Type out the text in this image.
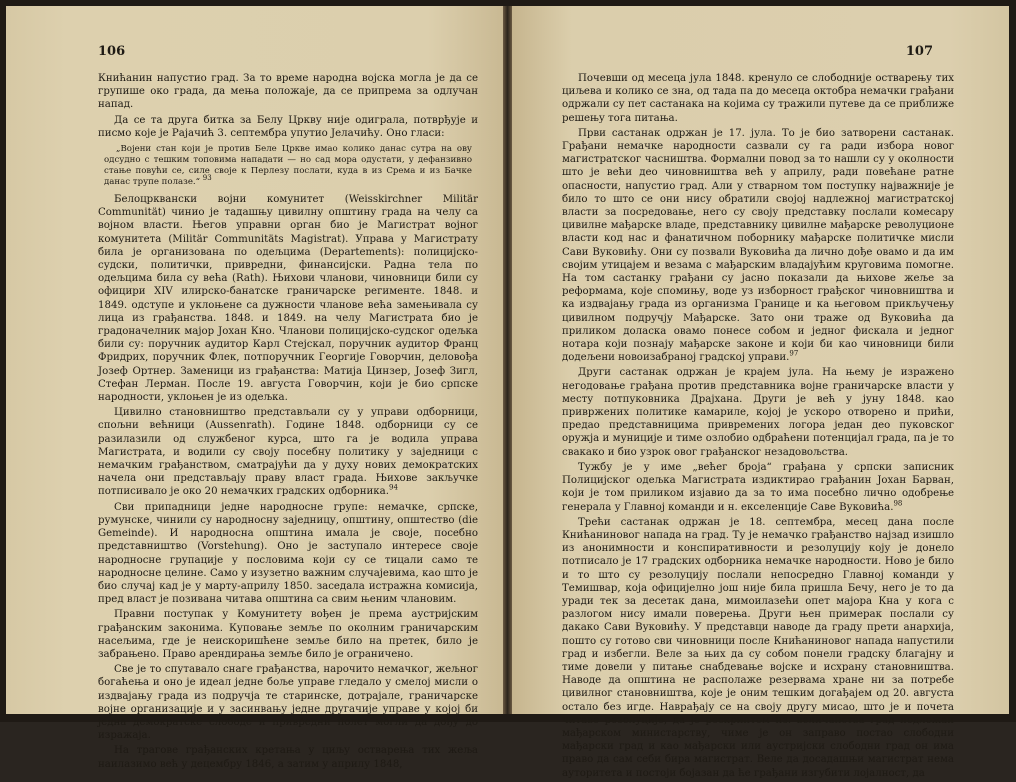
106

Книћанин напустио град. За то време народна војска могла је да се групише око града, да мења положаје, да се припрема за одлучан напад.

Да се та друга битка за Белу Цркву није одиграла, потврђује и писмо које је Рајачић 3. септембра упутио Јелачићу. Оно гласи:

„Војени стан који је против Беле Цркве имао колико данас сутра на ову одсудно с тешким топовима нападати — но сад мора одустати, у дефанзивно стање повући се, силе своје к Перлезу послати, куда в из Срема и из Бачке данас трупе полазе.“ $^{93}$

Белоцрквански војни комунитет (Weisskirchner Militär Communität) чинио је тадашњу цивилну општину града на челу са војном власти. Његов управни орган био је Магистрат војног комунитета (Militär Communitäts Magistrat). Управа у Магистрату била је организована по одељцима (Departements): полицијско-судски, политички, привредни, финансијски. Радна тела по одељцима била су већа (Rath). Њихови чланови, чиновници били су официри XIV илирско-банатске граничарске регименте. 1848. и 1849. одступе и уклоњене са дужности чланове већа замењивала су лица из грађанства. 1848. и 1849. на челу Магистрата био је градоначелник мајор Јохан Кно. Чланови полицијско-судског одељка били су: поручник аудитор Карл Стејскал, поручник аудитор Франц Фридрих, поручник Флек, потпоручник Георгије Говорчин, деловођа Јозеф Ортнер. Заменици из грађанства: Матија Цинзер, Јозеф Зигл, Стефан Лерман. После 19. августа Говорчин, који је био српске народности, уклоњен је из одељка.

Цивилно становништво представљали су у управи одборници, спољни већници (Aussenrath). Године 1848. одборници су се разилазили од службеног курса, што га је водила управа Магистрата, и водили су своју посебну политику у заједници с немачким грађанством, сматрајући да у духу нових демократских начела они представљају праву власт града. Њихове закључке потписивало је око 20 немачких градских одборника.$^{94}$

Сви припадници једне народносне групе: немачке, српске, румунске, чинили су народносну заједницу, општину, општество (die Gemeinde). И народносна општина имала је своје, посебно представништво (Vorstehung). Оно је заступало интересе своје народносне групације у пословима који су се тицали само те народносне целине. Само у изузетно важним случајевима, као што је био случај кад је у марту-априлу 1850. заседала истражна комисија, пред власт је позивана читава општина са свим њеним члановим.

Правни поступак у Комунитету вођен је према аустријским грађанским законима. Куповање земље по околним граничарским насељима, где је неискоришћене земље било на претек, било је забрањено. Право арендирања земље било је ограничено.

Све је то спутавало снаге грађанства, нарочито немачког, жељног богаћења и оно је идеал једне боље управе гледало у смелој мисли о издвајању града из подручја те старинске, дотрајале, граничарске војне организације и у засинвању једне другачије управе у којој би једна демократске слободе и привредни полет могли да дођу до изражаја.

На трагове грађанских кретања у циљу остварења тих жеља наилазимо већ у децембру 1846, а затим у априлу 1848,

107

Почевши од месеца јула 1848. кренуло се слободније остварењу тих циљева и колико се зна, од тада па до месеца октобра немачки грађани одржали су пет састанака на којима су тражили путеве да се приближе решењу тога питања.

Први састанак одржан је 17. јула. То је био затворени састанак. Грађани немачке народности сазвали су га ради избора новог магистратског часништва. Формални повод за то нашли су у околности што је већи део чиновништва већ у априлу, ради повећане ратне опасности, напустио град. Али у стварном том поступку најважније је било то што се они нису обратили својој надлежној магистратској власти за посредовање, него су своју представку послали комесару цивилне мађарске владе, представнику цивилне мађарске револуционе власти код нас и фанатичном поборнику мађарске политичке мисли Сави Вуковићу. Они су позвали Вуковића да лично дође овамо и да им својим утицајем и везама с мађарским владајућим круговима помогне. На том састанку грађани су јасно показали да њихове жеље за реформама, које спомињу, воде уз изборност грађског чиновништва и ка издвајању града из организма Границе и ка његовом прикључењу цивилном подручју Мађарске. Зато они траже од Вуковића да приликом доласка овамо понесе собом и једног фискала и једног нотара који познају мађарске законе и који би као чиновници били додељени новоизабраној градској управи.$^{97}$

Други састанак одржан је крајем јула. На њему је изражено негодовање грађана против представника војне граничарске власти у месту потпуковника Драјхана. Други је већ у јуну 1848. као привржених политике камариле, којој је ускоро отворено и прићи, предао представницима привремених логора један део пуковског оружја и муниције и тиме озлобио одбраћени потенцијал града, па је то свакако и био узрок овог грађанског незадовољства.

Тужбу је у име „већег броја“ грађана у српски записник Полицијског одељка Магистрата издиктирао грађанин Јохан Барван, који је том приликом изјавио да за то има посебно лично одобрење генерала у Главној команди и н. екселенције Саве Вуковића.$^{98}$

Трећи састанак одржан је 18. септембра, месец дана после Книћаниновог напада на град. Ту је немачко грађанство најзад изишло из анонимности и конспиративности и резолуцију коју је донело потписало је 17 градских одборника немачке народности. Ново је било и то што су резолуцију послали непосредно Главној команди у Темишвар, која официјелно још није била пришла Бечу, него је то да уради тек за десетак дана, мимоилазећи опет мајора Кна у кога с разлогом нису имали поверења. Други њен примерак послали су дакако Сави Вуковићу. У представци наводе да граду прети анархија, пошто су готово сви чиновници после Книћаниновог напада напустили град и избегли. Веле за њих да су собом понели градску благајну и тиме довели у питање снабдевање војске и исхрану становништва. Наводе да општина не располаже резервама хране ни за потребе цивилног становништва, које је оним тешким догађајем од 20. августа остало без игде. Наврађају се на своју другу мисао, што је и почета читаве резолуције, да је рескриптом нз. величанства град подложан мађарском министарству, чиме је он заправо постао слободни мађарски град и као мађарски или аустријски слободни град он има право да сам себи бира магистрат. Веле да досадашњи магистрат нема ауторитета и постоји бојазан да ће грађани изгубити лојалност, да
